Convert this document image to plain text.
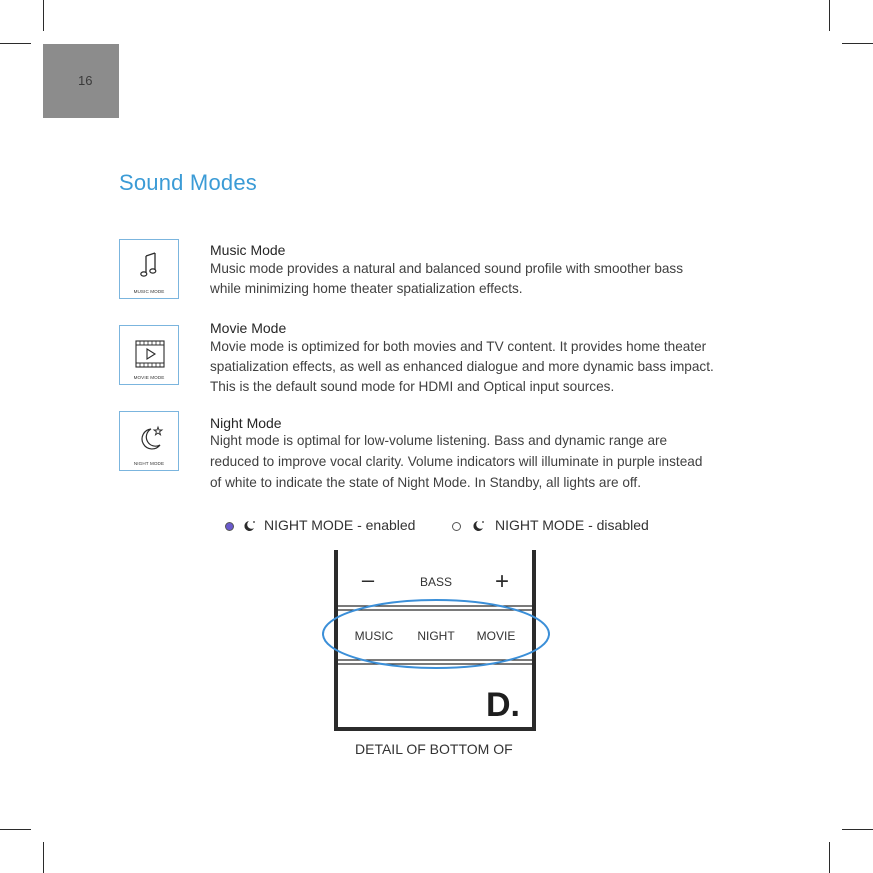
16
Sound Modes
MUSIC MODE
Music Mode
Music mode provides a natural and balanced sound profile with smoother bass
while minimizing home theater spatialization effects.
MOVIE MODE
Movie Mode
Movie mode is optimized for both movies and TV content. It provides home theater
spatialization effects, as well as enhanced dialogue and more dynamic bass impact.
This is the default sound mode for HDMI and Optical input sources.
NIGHT MODE
Night Mode
Night mode is optimal for low-volume listening. Bass and dynamic range are
reduced to improve vocal clarity. Volume indicators will illuminate in purple instead
of white to indicate the state of Night Mode. In Standby, all lights are off.
NIGHT MODE - enabled	NIGHT MODE - disabled
–	BASS +
MUSIC NIGHT MOVIE
D.
DETAIL OF BOTTOM OF
